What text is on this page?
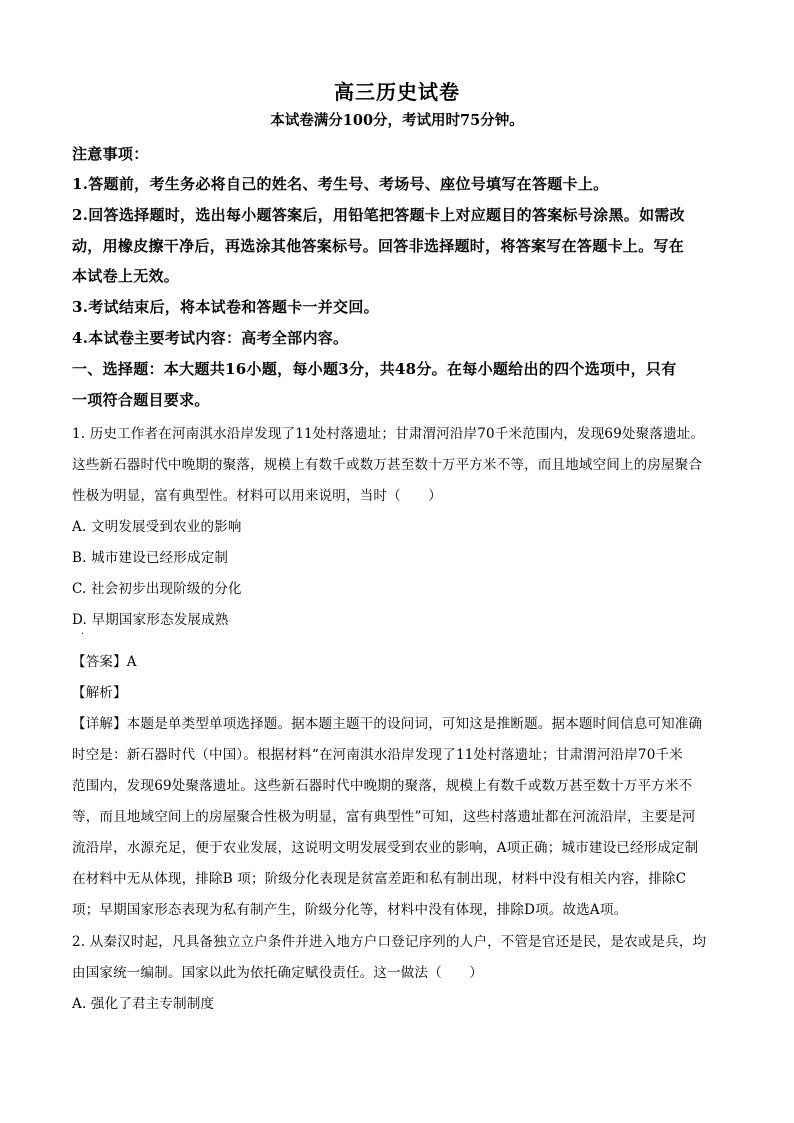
高三历史试卷
本试卷满分100分，考试用时75分钟。
注意事项：
1.答题前，考生务必将自己的姓名、考生号、考场号、座位号填写在答题卡上。
2.回答选择题时，选出每小题答案后，用铅笔把答题卡上对应题目的答案标号涂黑。如需改
动，用橡皮擦干净后，再选涂其他答案标号。回答非选择题时，将答案写在答题卡上。写在
本试卷上无效。
3.考试结束后，将本试卷和答题卡一并交回。
4.本试卷主要考试内容：高考全部内容。
一、选择题：本大题共16小题，每小题3分，共48分。在每小题给出的四个选项中，只有
一项符合题目要求。
1. 历史工作者在河南淇水沿岸发现了11处村落遗址；甘肃渭河沿岸70千米范围内，发现69处聚落遗址。
这些新石器时代中晚期的聚落，规模上有数千或数万甚至数十万平方米不等，而且地域空间上的房屋聚合
性极为明显，富有典型性。材料可以用来说明，当时（　　）
A. 文明发展受到农业的影响
B. 城市建设已经形成定制
C. 社会初步出现阶级的分化
D. 早期国家形态发展成熟
·
【答案】A
【解析】
【详解】本题是单类型单项选择题。据本题主题干的设问词，可知这是推断题。据本题时间信息可知准确
时空是：新石器时代（中国）。根据材料“在河南淇水沿岸发现了11处村落遗址；甘肃渭河沿岸70千米
范围内，发现69处聚落遗址。这些新石器时代中晚期的聚落，规模上有数千或数万甚至数十万平方米不
等，而且地域空间上的房屋聚合性极为明显，富有典型性”可知，这些村落遗址都在河流沿岸，主要是河
流沿岸，水源充足，便于农业发展，这说明文明发展受到农业的影响，A项正确；城市建设已经形成定制
在材料中无从体现，排除B 项；阶级分化表现是贫富差距和私有制出现，材料中没有相关内容，排除C
项；早期国家形态表现为私有制产生，阶级分化等，材料中没有体现，排除D项。故选A项。
2. 从秦汉时起，凡具备独立立户条件并进入地方户口登记序列的人户，不管是官还是民，是农或是兵，均
由国家统一编制。国家以此为依托确定赋役责任。这一做法（　　）
A. 强化了君主专制制度
